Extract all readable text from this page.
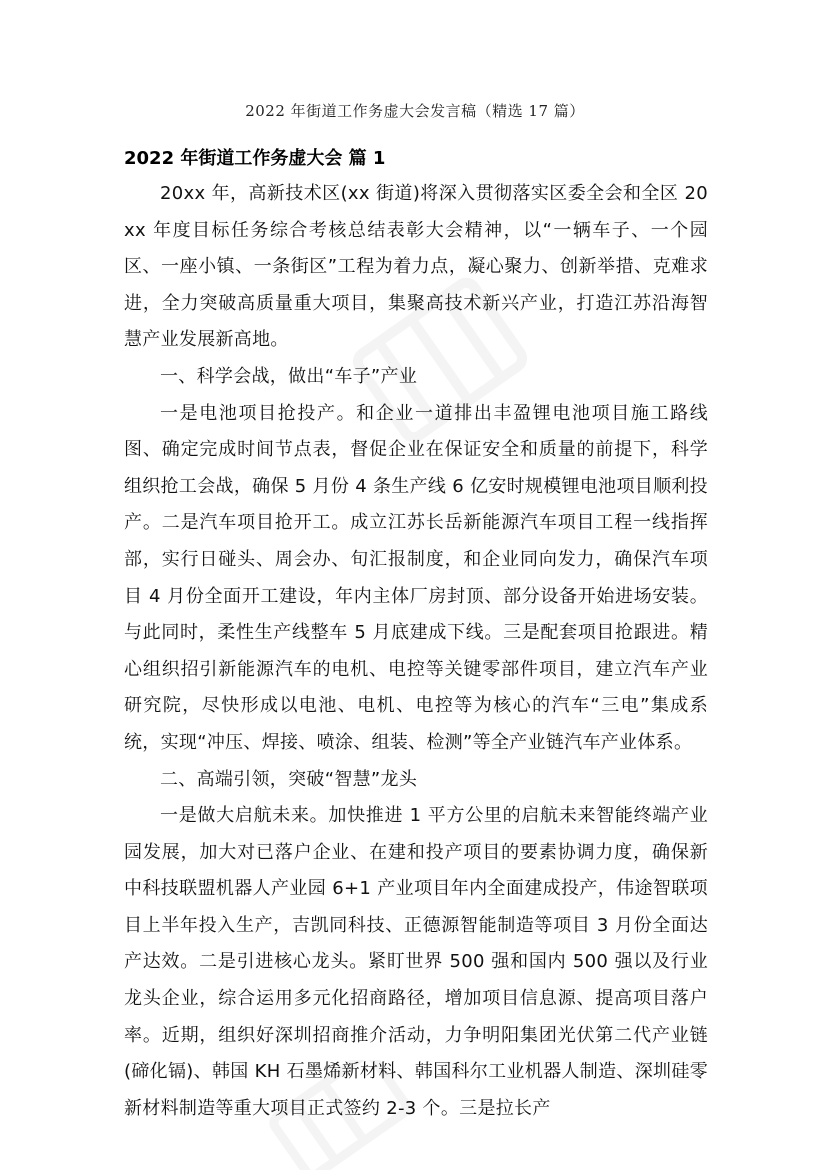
2022 年街道工作务虚大会发言稿（精选 17 篇）
2022 年街道工作务虚大会 篇 1

20xx 年，高新技术区(xx 街道)将深入贯彻落实区委全会和全区 20xx 年度目标任务综合考核总结表彰大会精神，以“一辆车子、一个园区、一座小镇、一条街区”工程为着力点，凝心聚力、创新举措、克难求进，全力突破高质量重大项目，集聚高技术新兴产业，打造江苏沿海智慧产业发展新高地。

一、科学会战，做出“车子”产业

一是电池项目抢投产。和企业一道排出丰盈锂电池项目施工路线图、确定完成时间节点表，督促企业在保证安全和质量的前提下，科学组织抢工会战，确保 5 月份 4 条生产线 6 亿安时规模锂电池项目顺利投产。二是汽车项目抢开工。成立江苏长岳新能源汽车项目工程一线指挥部，实行日碰头、周会办、旬汇报制度，和企业同向发力，确保汽车项目 4 月份全面开工建设，年内主体厂房封顶、部分设备开始进场安装。与此同时，柔性生产线整车 5 月底建成下线。三是配套项目抢跟进。精心组织招引新能源汽车的电机、电控等关键零部件项目，建立汽车产业研究院，尽快形成以电池、电机、电控等为核心的汽车“三电”集成系统，实现“冲压、焊接、喷涂、组装、检测”等全产业链汽车产业体系。

二、高端引领，突破“智慧”龙头

一是做大启航未来。加快推进 1 平方公里的启航未来智能终端产业园发展，加大对已落户企业、在建和投产项目的要素协调力度，确保新中科技联盟机器人产业园 6+1 产业项目年内全面建成投产，伟途智联项目上半年投入生产，吉凯同科技、正德源智能制造等项目 3 月份全面达产达效。二是引进核心龙头。紧盯世界 500 强和国内 500 强以及行业龙头企业，综合运用多元化招商路径，增加项目信息源、提高项目落户率。近期，组织好深圳招商推介活动，力争明阳集团光伏第二代产业链(碲化镉)、韩国 KH 石墨烯新材料、韩国科尔工业机器人制造、深圳硅零新材料制造等重大项目正式签约 2-3 个。三是拉长产
